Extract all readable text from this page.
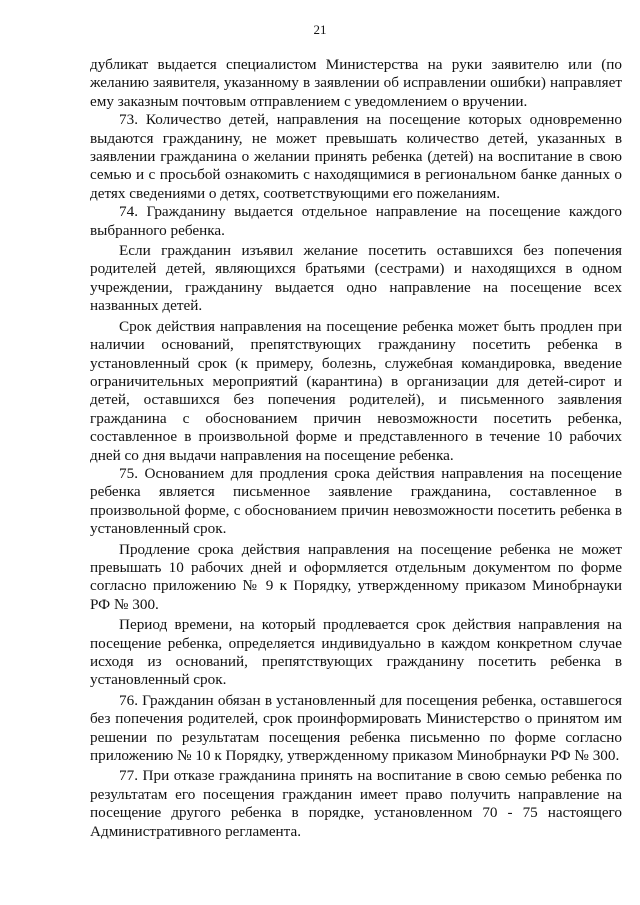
21

дубликат выдается специалистом Министерства на руки заявителю или (по желанию заявителя, указанному в заявлении об исправлении ошибки) направляет ему заказным почтовым отправлением с уведомлением о вручении.

73. Количество детей, направления на посещение которых одновременно выдаются гражданину, не может превышать количество детей, указанных в заявлении гражданина о желании принять ребенка (детей) на воспитание в свою семью и с просьбой ознакомить с находящимися в региональном банке данных о детях сведениями о детях, соответствующими его пожеланиям.

74. Гражданину выдается отдельное направление на посещение каждого выбранного ребенка.

Если гражданин изъявил желание посетить оставшихся без попечения родителей детей, являющихся братьями (сестрами) и находящихся в одном учреждении, гражданину выдается одно направление на посещение всех названных детей.

Срок действия направления на посещение ребенка может быть продлен при наличии оснований, препятствующих гражданину посетить ребенка в установленный срок (к примеру, болезнь, служебная командировка, введение ограничительных мероприятий (карантина) в организации для детей-сирот и детей, оставшихся без попечения родителей), и письменного заявления гражданина с обоснованием причин невозможности посетить ребенка, составленное в произвольной форме и представленного в течение 10 рабочих дней со дня выдачи направления на посещение ребенка.

75. Основанием для продления срока действия направления на посещение ребенка является письменное заявление гражданина, составленное в произвольной форме, с обоснованием причин невозможности посетить ребенка в установленный срок.

Продление срока действия направления на посещение ребенка не может превышать 10 рабочих дней и оформляется отдельным документом по форме согласно приложению № 9 к Порядку, утвержденному приказом Минобрнауки РФ № 300.

Период времени, на который продлевается срок действия направления на посещение ребенка, определяется индивидуально в каждом конкретном случае исходя из оснований, препятствующих гражданину посетить ребенка в установленный срок.

76. Гражданин обязан в установленный для посещения ребенка, оставшегося без попечения родителей, срок проинформировать Министерство о принятом им решении по результатам посещения ребенка письменно по форме согласно приложению № 10 к Порядку, утвержденному приказом Минобрнауки РФ № 300.

77. При отказе гражданина принять на воспитание в свою семью ребенка по результатам его посещения гражданин имеет право получить направление на посещение другого ребенка в порядке, установленном 70 - 75 настоящего Административного регламента.
